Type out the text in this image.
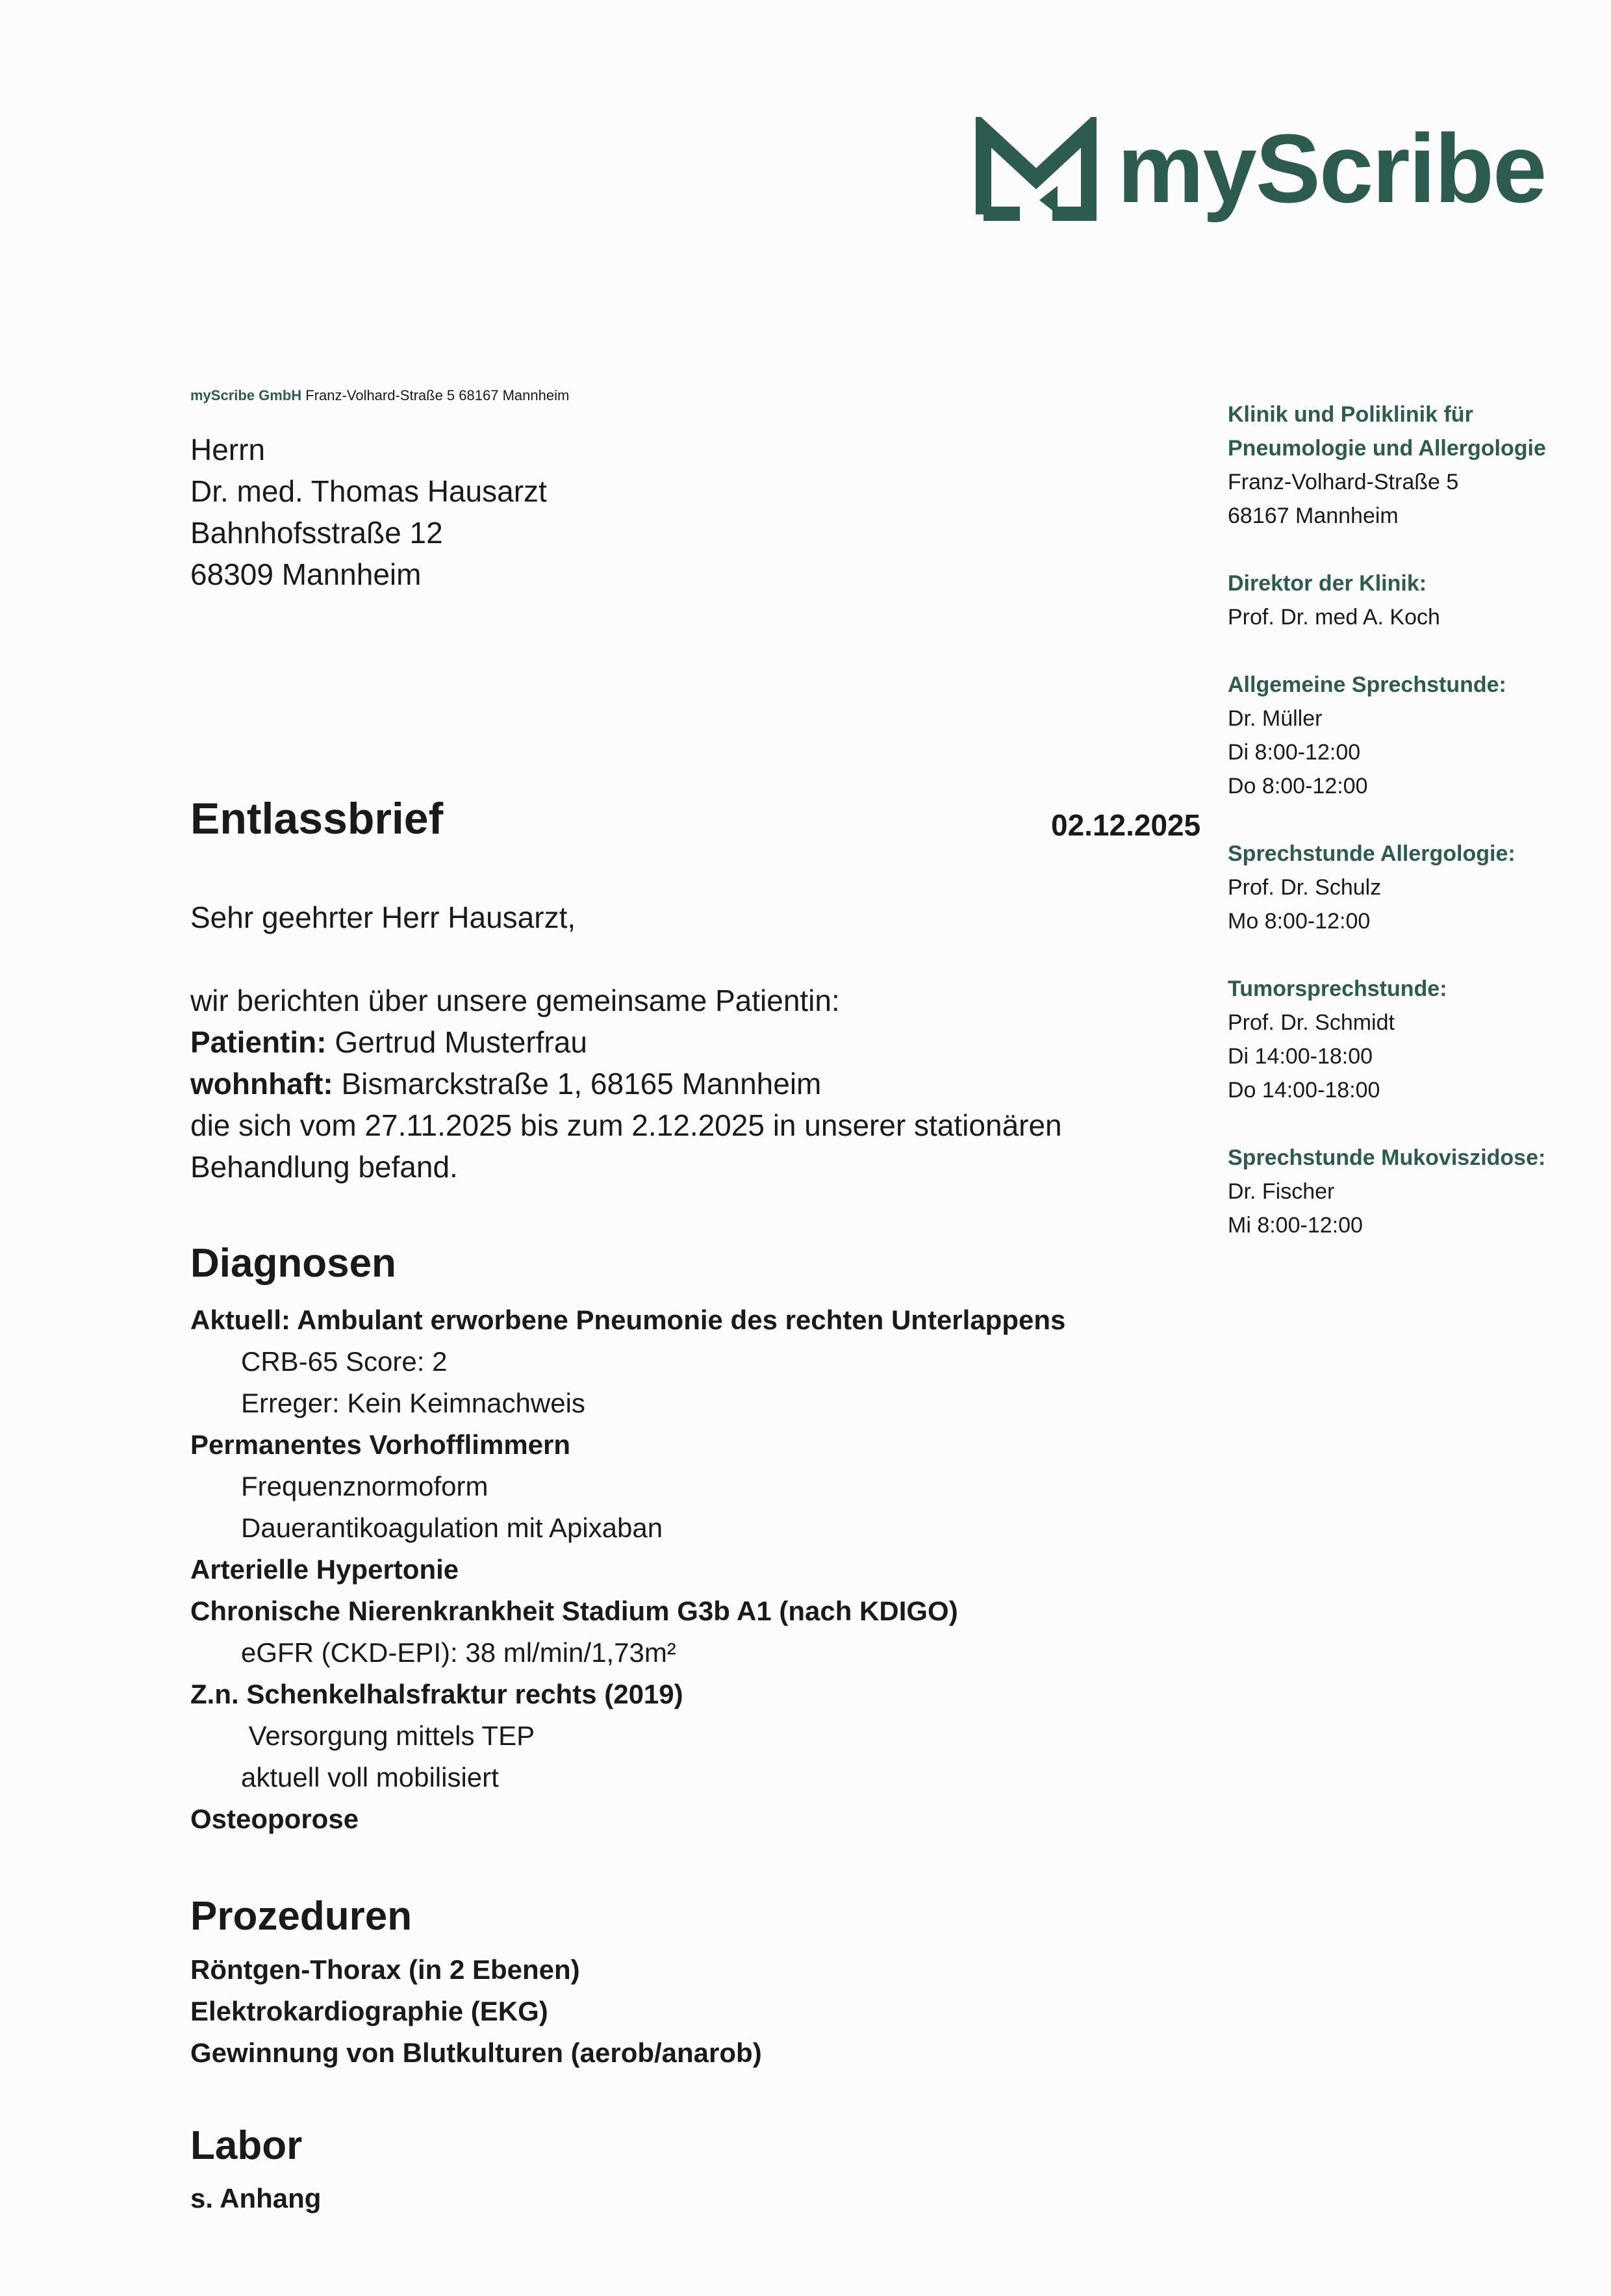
myScribe
myScribe GmbH Franz-Volhard-Straße 5 68167 Mannheim
Herrn
Dr. med. Thomas Hausarzt
Bahnhofsstraße 12
68309 Mannheim
Klinik und Poliklinik für
Pneumologie und Allergologie
Franz-Volhard-Straße 5
68167 Mannheim
Direktor der Klinik:
Prof. Dr. med A. Koch
Allgemeine Sprechstunde:
Dr. Müller
Di 8:00-12:00
Do 8:00-12:00
Sprechstunde Allergologie:
Prof. Dr. Schulz
Mo 8:00-12:00
Tumorsprechstunde:
Prof. Dr. Schmidt
Di 14:00-18:00
Do 14:00-18:00
Sprechstunde Mukoviszidose:
Dr. Fischer
Mi 8:00-12:00
Entlassbrief	02.12.2025

Sehr geehrter Herr Hausarzt,

wir berichten über unsere gemeinsame Patientin:

Patientin: Gertrud Musterfrau

wohnhaft: Bismarckstraße 1, 68165 Mannheim

die sich vom 27.11.2025 bis zum 2.12.2025 in unserer stationären Behandlung befand.

Diagnosen
Aktuell: Ambulant erworbene Pneumonie des rechten Unterlappens
CRB-65 Score: 2
Erreger: Kein Keimnachweis
Permanentes Vorhofflimmern
Frequenznormoform
Dauerantikoagulation mit Apixaban
Arterielle Hypertonie
Chronische Nierenkrankheit Stadium G3b A1 (nach KDIGO)
eGFR (CKD-EPI): 38 ml/min/1,73m²
Z.n. Schenkelhalsfraktur rechts (2019)
Versorgung mittels TEP
aktuell voll mobilisiert
Osteoporose
Prozeduren
Röntgen-Thorax (in 2 Ebenen)
Elektrokardiographie (EKG)
Gewinnung von Blutkulturen (aerob/anarob)
Labor
s. Anhang
